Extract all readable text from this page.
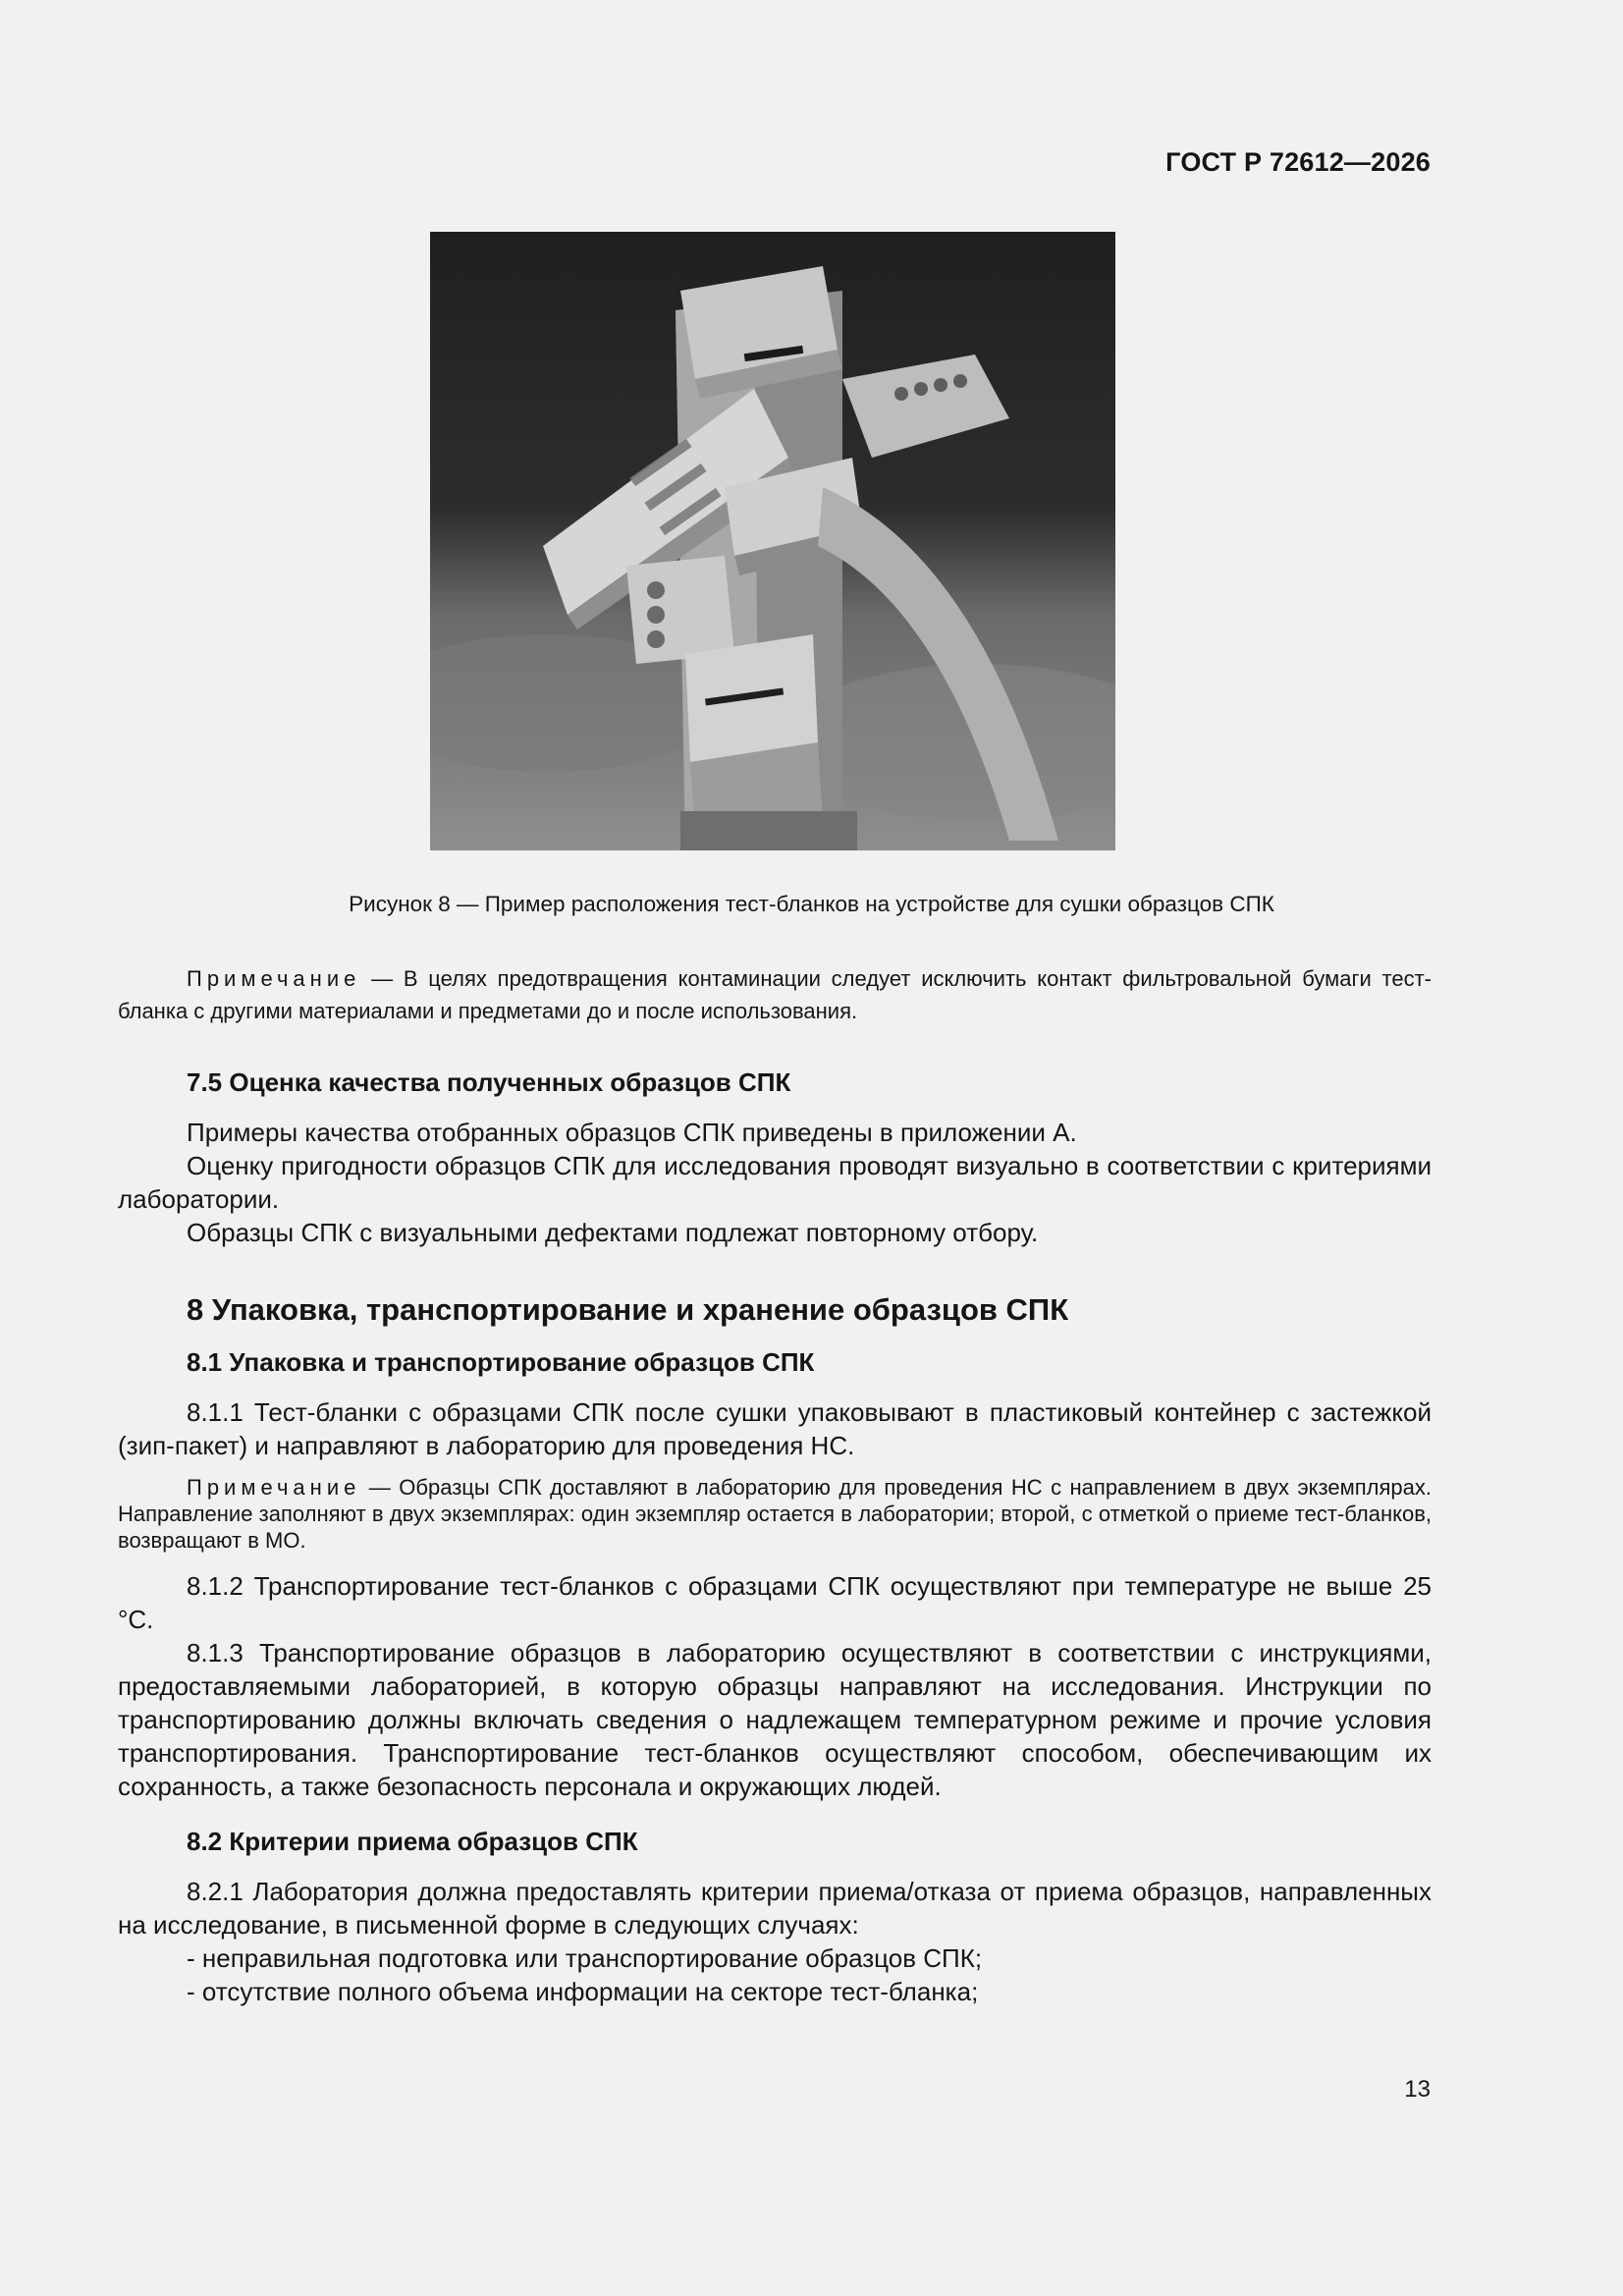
ГОСТ Р 72612—2026
Рисунок 8 — Пример расположения тест-бланков на устройстве для сушки образцов СПК

Примечание — В целях предотвращения контаминации следует исключить контакт фильтровальной бумаги тест-бланка с другими материалами и предметами до и после использования.

7.5 Оценка качества полученных образцов СПК

Примеры качества отобранных образцов СПК приведены в приложении А.

Оценку пригодности образцов СПК для исследования проводят визуально в соответствии с критериями лаборатории.

Образцы СПК с визуальными дефектами подлежат повторному отбору.

8 Упаковка, транспортирование и хранение образцов СПК
8.1 Упаковка и транспортирование образцов СПК

8.1.1 Тест-бланки с образцами СПК после сушки упаковывают в пластиковый контейнер с застежкой (зип-пакет) и направляют в лабораторию для проведения НС.

Примечание — Образцы СПК доставляют в лабораторию для проведения НС с направлением в двух экземплярах. Направление заполняют в двух экземплярах: один экземпляр остается в лаборатории; второй, с отметкой о приеме тест-бланков, возвращают в МО.

8.1.2 Транспортирование тест-бланков с образцами СПК осуществляют при температуре не выше 25 °С.

8.1.3 Транспортирование образцов в лабораторию осуществляют в соответствии с инструкциями, предоставляемыми лабораторией, в которую образцы направляют на исследования. Инструкции по транспортированию должны включать сведения о надлежащем температурном режиме и прочие условия транспортирования. Транспортирование тест-бланков осуществляют способом, обеспечивающим их сохранность, а также безопасность персонала и окружающих людей.

8.2 Критерии приема образцов СПК

8.2.1 Лаборатория должна предоставлять критерии приема/отказа от приема образцов, направленных на исследование, в письменной форме в следующих случаях:

- неправильная подготовка или транспортирование образцов СПК;

- отсутствие полного объема информации на секторе тест-бланка;

13
